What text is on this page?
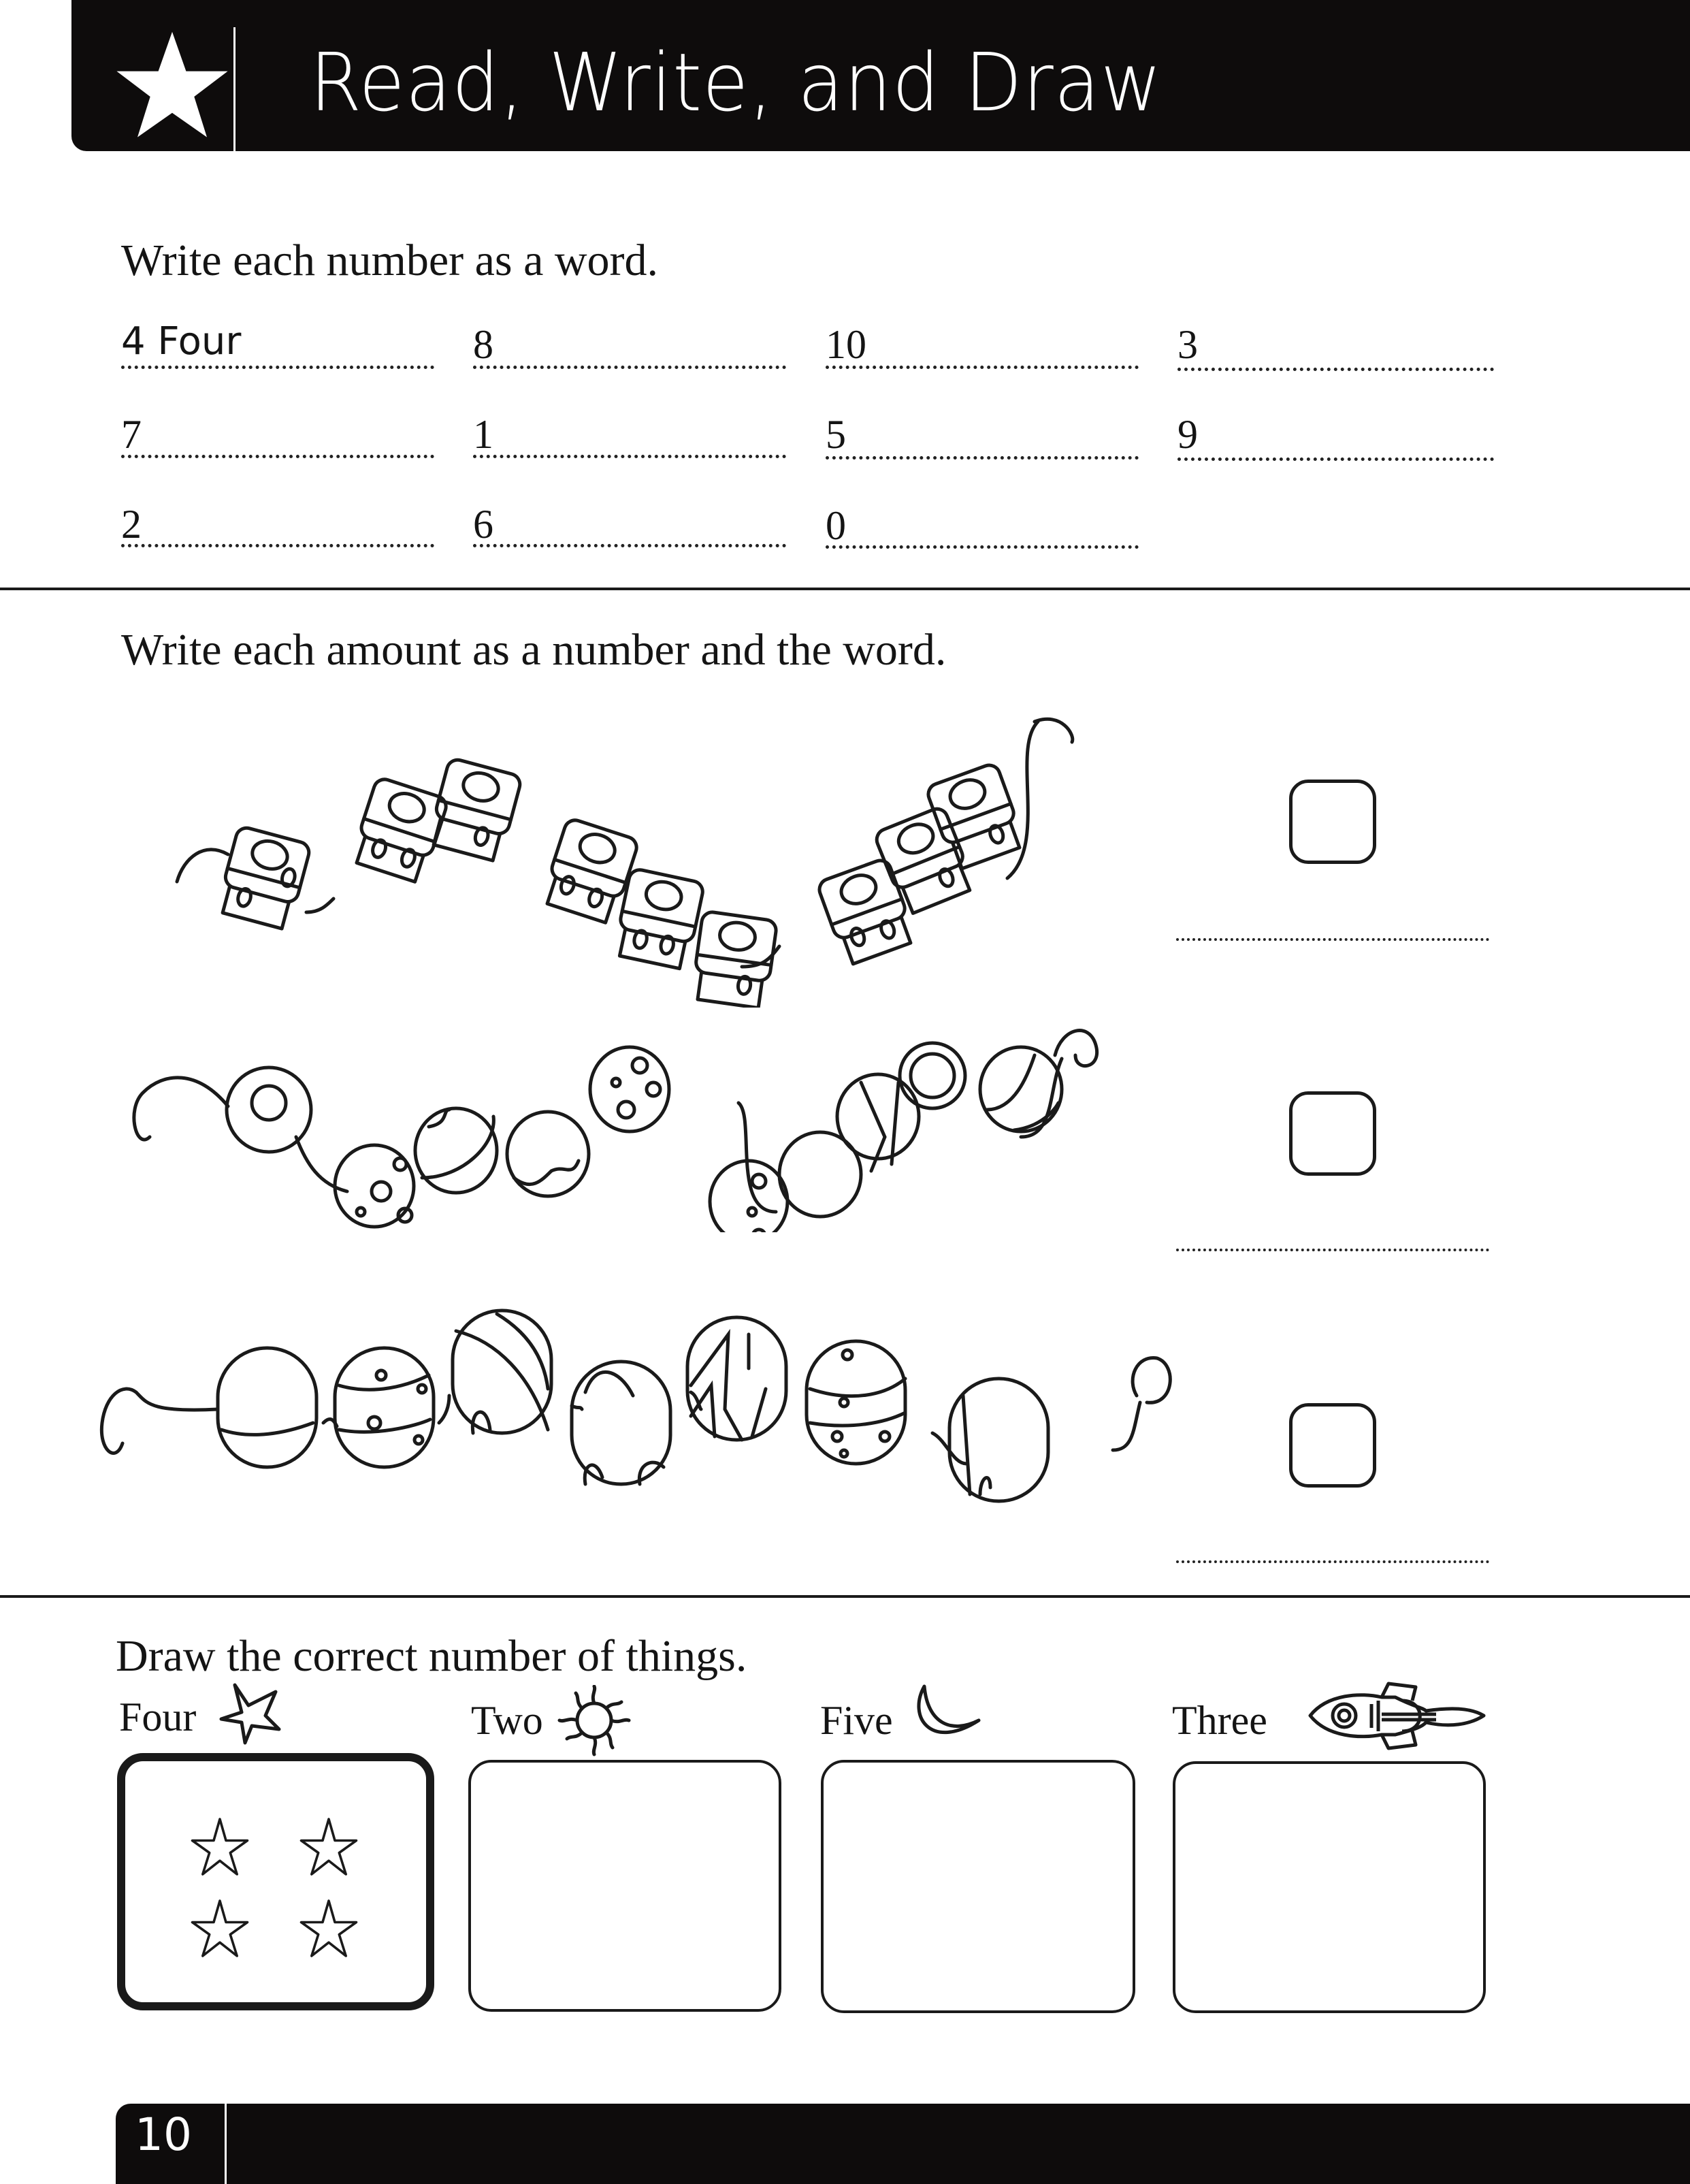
Read, Write, and Draw
Write each number as a word.
4 Four	8	10	3
7	1	5	9
2	6	0
Write each amount as a number and the word.
Draw the correct number of things.
Four	Two	Five	Three
10
